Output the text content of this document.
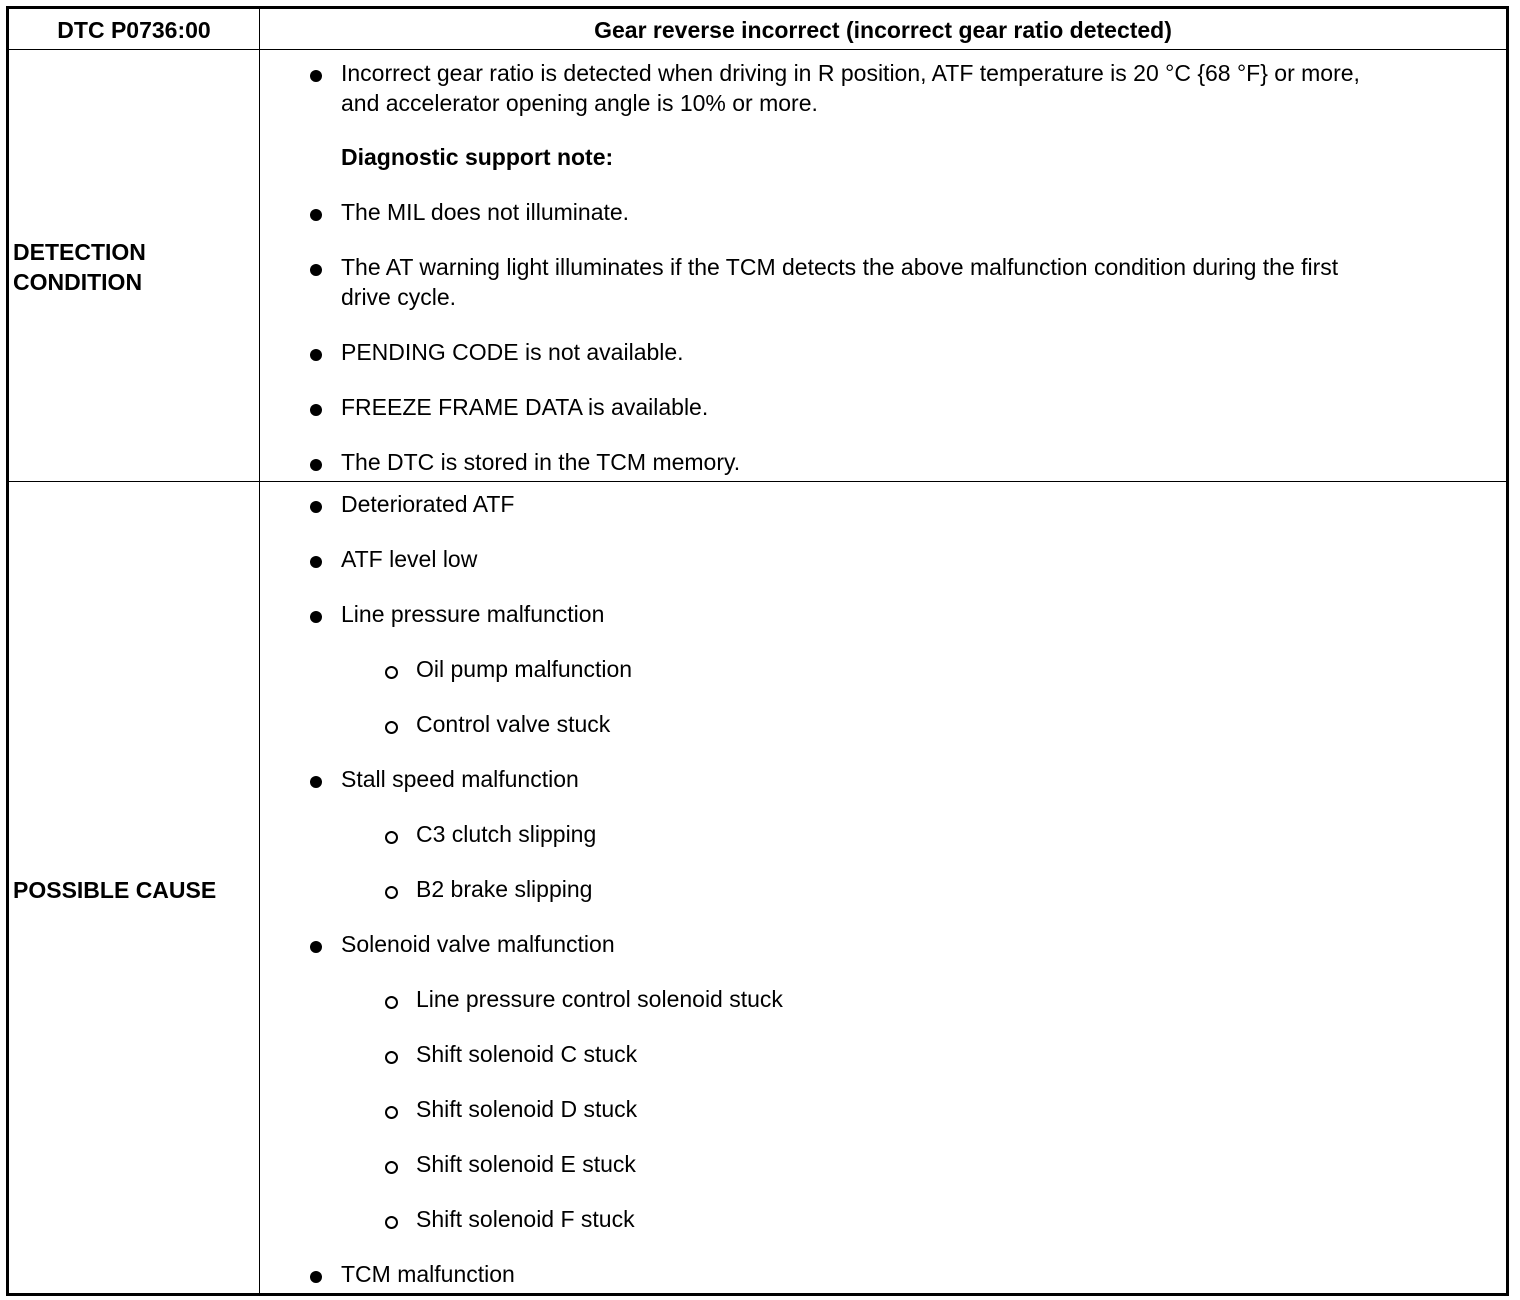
DTC P0736:00	Gear reverse incorrect (incorrect gear ratio detected)
DETECTION
CONDITION
Incorrect gear ratio is detected when driving in R position, ATF temperature is 20 °C {68 °F} or more,
and accelerator opening angle is 10% or more.
Diagnostic support note:
The MIL does not illuminate.
The AT warning light illuminates if the TCM detects the above malfunction condition during the first
drive cycle.
PENDING CODE is not available.
FREEZE FRAME DATA is available.
The DTC is stored in the TCM memory.
POSSIBLE CAUSE
Deteriorated ATF
ATF level low
Line pressure malfunction
Oil pump malfunction
Control valve stuck
Stall speed malfunction
C3 clutch slipping
B2 brake slipping
Solenoid valve malfunction
Line pressure control solenoid stuck
Shift solenoid C stuck
Shift solenoid D stuck
Shift solenoid E stuck
Shift solenoid F stuck
TCM malfunction
